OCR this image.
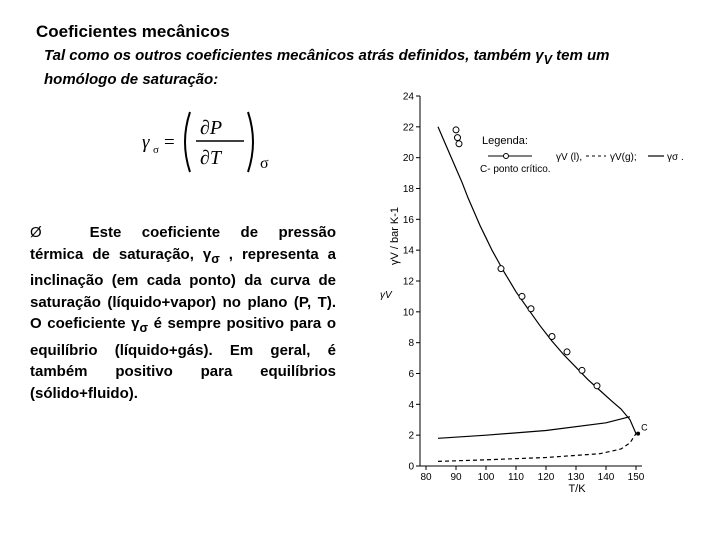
Coeficientes mecânicos
Tal como os outros coeficientes mecânicos atrás definidos, também $\gamma_V$ tem um homólogo de saturação:
γ σ =
∂P
∂T σ
Ø	Este coeficiente de pressão térmica de saturação, $\gamma_\sigma$ , representa a inclinação (em cada ponto) da curva de saturação (líquido+vapor) no plano (P, T). O coeficiente $\gamma_\sigma$ é sempre positivo para o equilíbrio (líquido+gás). Em geral, é também positivo para equilíbrios (sólido+fluido).
0
2
4
6
8
10
12
14
16
18
20
22
24
80 90 100 110 120 130 140 150
C
Legenda:
γV (l),	γV(g);	γσ .
C- ponto crítico.
γV / bar K-1
γV
T/K
